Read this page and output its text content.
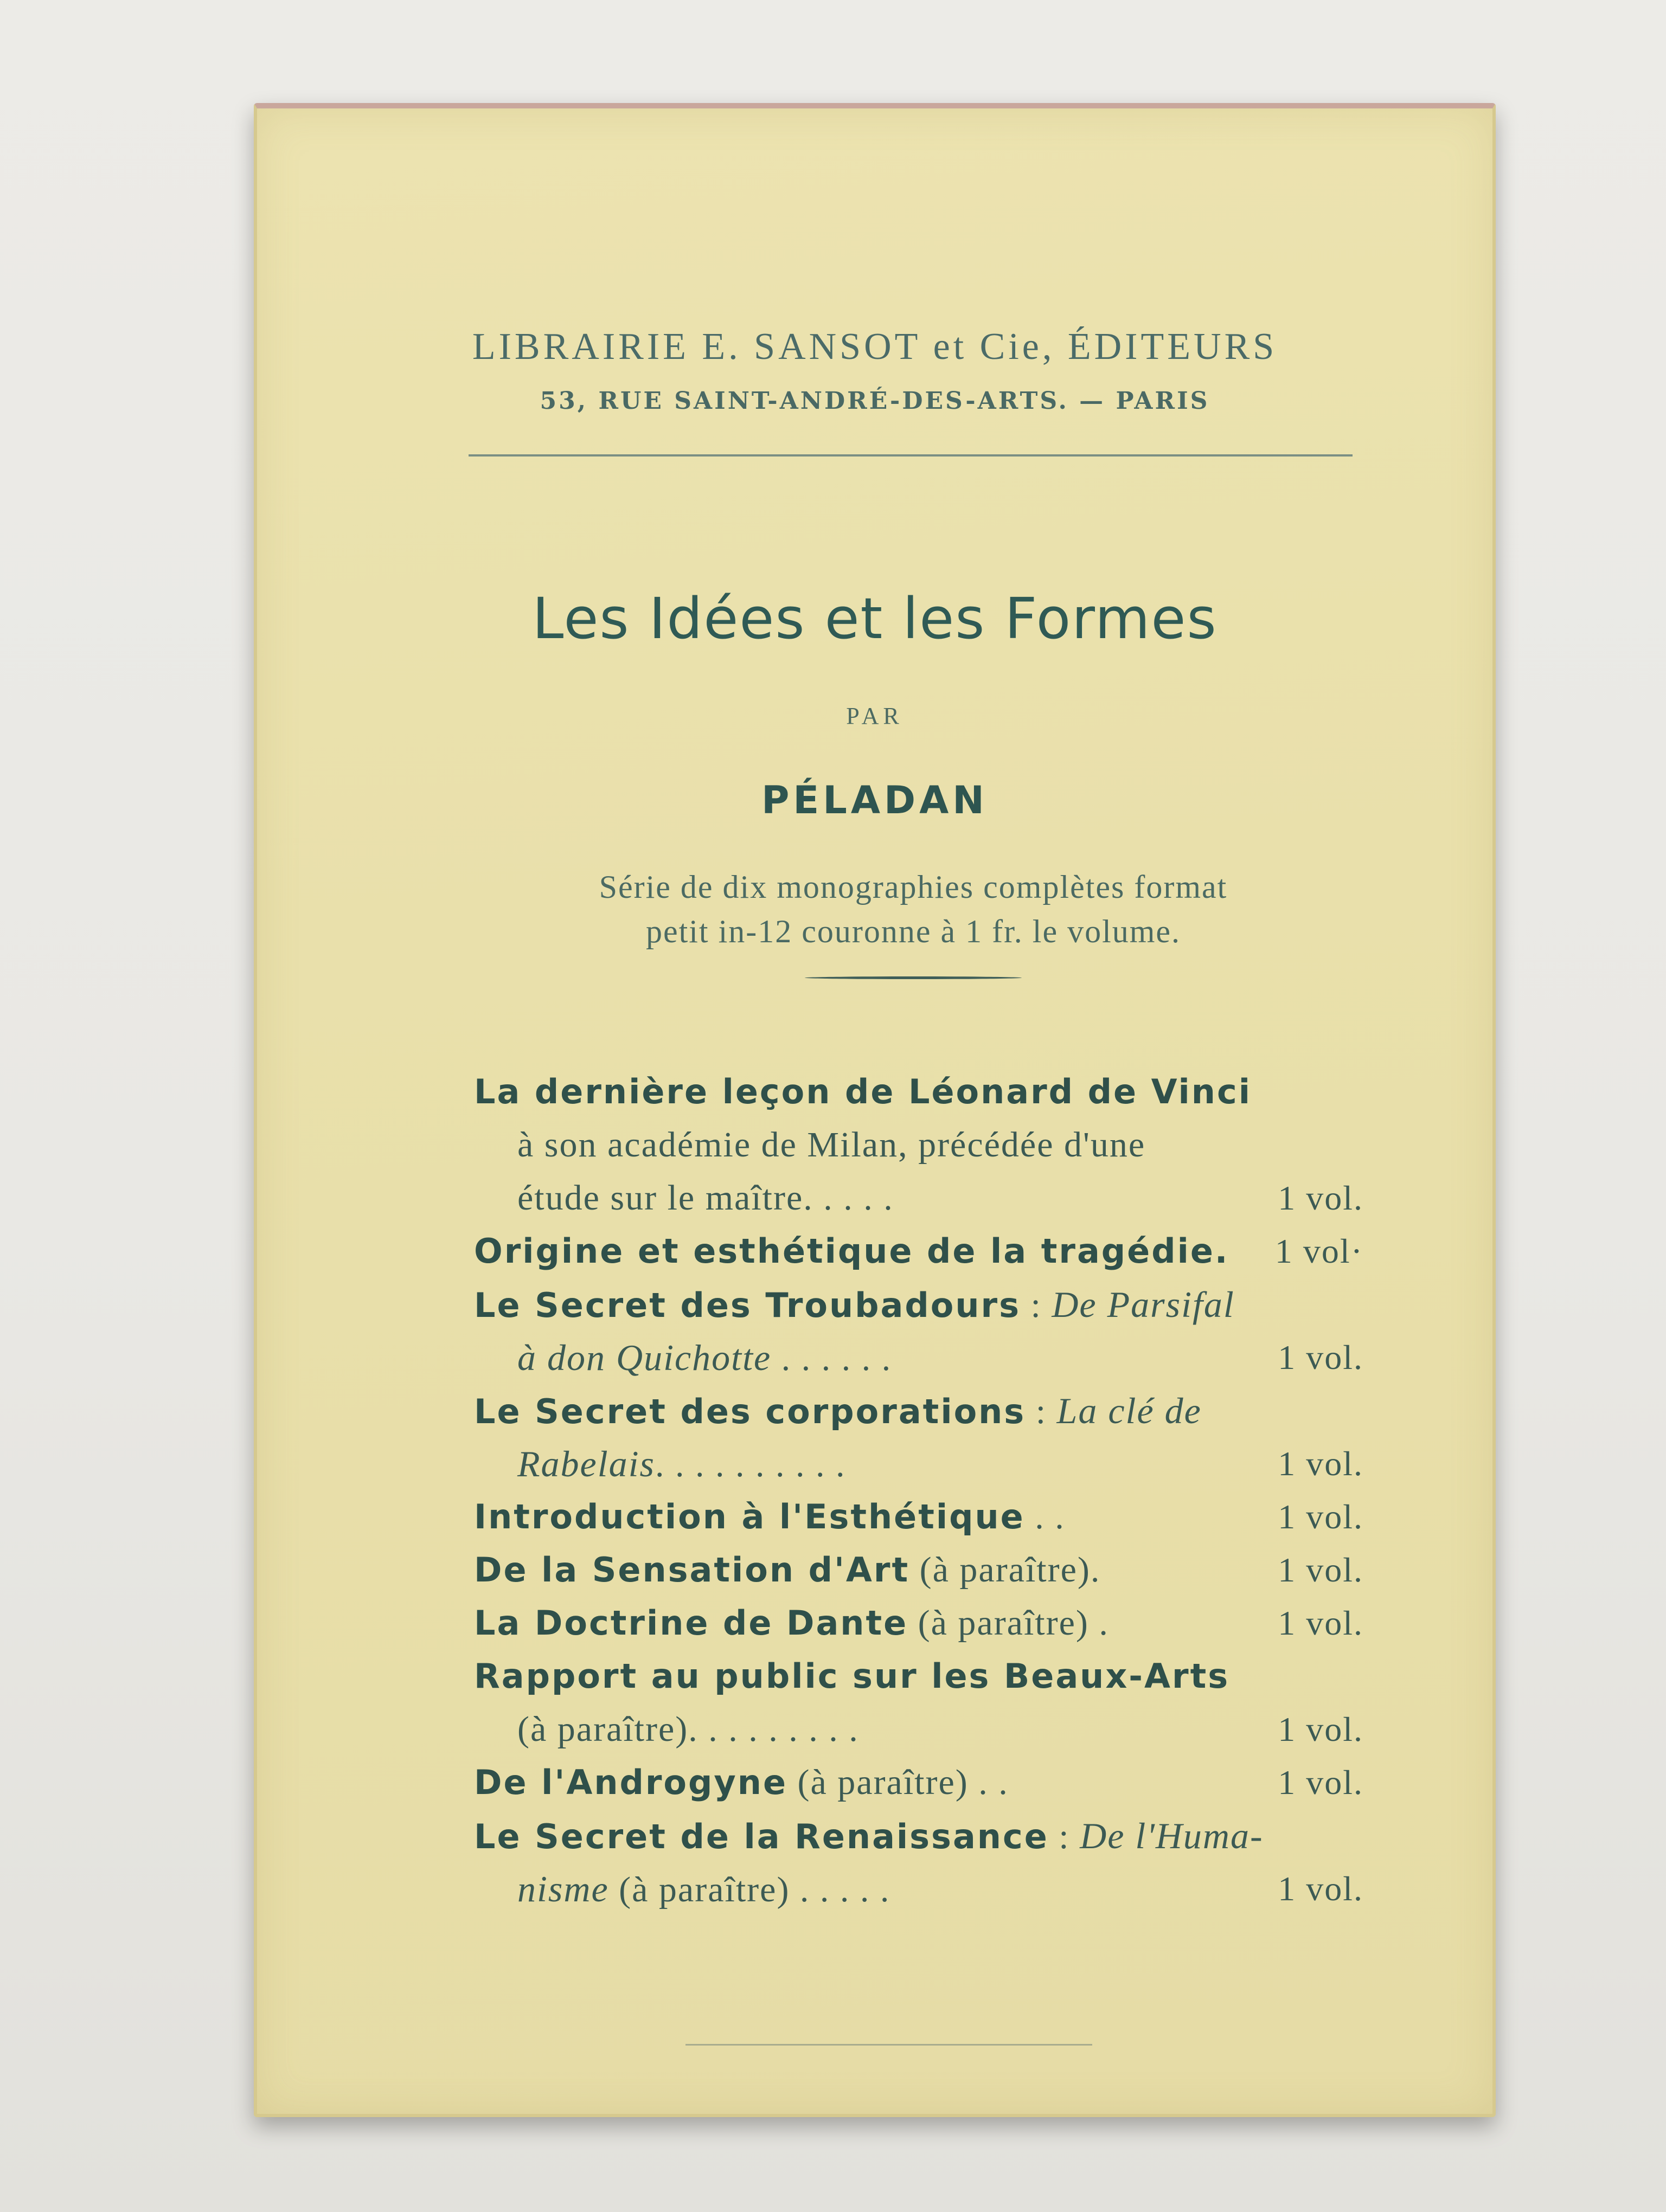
LIBRAIRIE E. SANSOT et Cie, ÉDITEURS
53, RUE SAINT-ANDRÉ-DES-ARTS. — PARIS
Les Idées et les Formes
PAR
PÉLADAN
Série de dix monographies complètes format
petit in-12 couronne à 1 fr. le volume.
La dernière leçon de Léonard de Vinci
à son académie de Milan, précédée d'une
étude sur le maître. . . . .	1 vol.
Origine et esthétique de la tragédie. 1 vol·
Le Secret des Troubadours : De Parsifal
à don Quichotte . . . . . .	1 vol.
Le Secret des corporations : La clé de
Rabelais. . . . . . . . . .	1 vol.
Introduction à l'Esthétique . .	1 vol.
De la Sensation d'Art (à paraître).	1 vol.
La Doctrine de Dante (à paraître) .	1 vol.
Rapport au public sur les Beaux-Arts
(à paraître). . . . . . . . .	1 vol.
De l'Androgyne (à paraître) . .	1 vol.
Le Secret de la Renaissance : De l'Huma-
nisme (à paraître) . . . . .	1 vol.
